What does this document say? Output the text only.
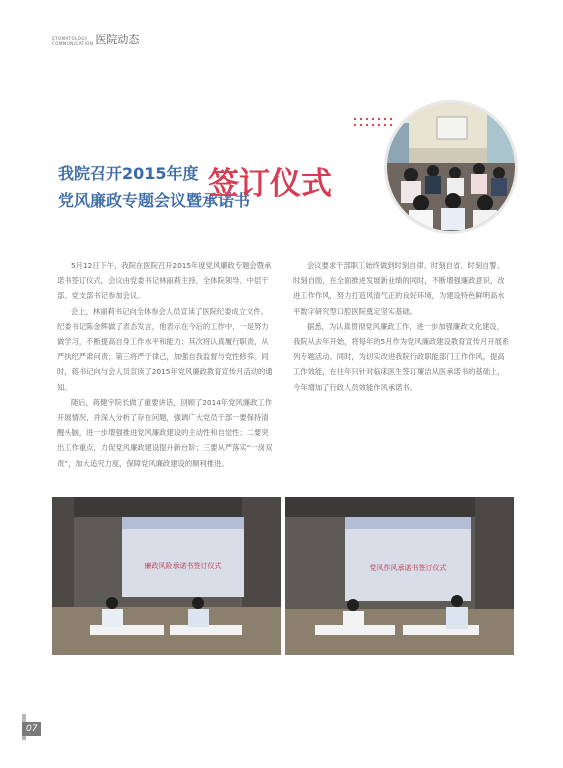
STOMATOLOGY
COMMUNICATION 医院动态
我院召开2015年度
党风廉政专题会议暨承诺书
签订仪式

5月12日下午，我院在医院召开2015年度党风廉政专题会暨承诺书签订仪式，会议由党委书记林丽莉主持，全体院领导、中层干部、党支部书记参加会议。

会上，林丽莉书记向全体参会人员宣读了医院纪委成立文件。纪委书记陈金辉做了表态发言，他表示在今后的工作中，一是努力做学习，不断提高自身工作水平和能力；其次将认真履行职责，从严执纪严肃问责；第三将严于律己，加强自我监督与党性修养。同时，蒋书记向与会人员宣读了2015年党风廉政教育宣传月活动的通知。

随后，蒋健宇院长做了重要讲话，回顾了2014年党风廉政工作开展情况，并深入分析了存在问题，强调广大党员干部一要保持清醒头脑，进一步增强推进党风廉政建设的主动性和自觉性；二要突出工作重点，力促党风廉政建设提升新台阶；三要从严落实“一岗双责”，加大追究力度，保障党风廉政建设的顺利推进。

会议要求干部职工始终做到时刻自律、时刻自省、时刻自警、时刻自励，在全面推进发展新业绩的同时，不断增强廉政意识，改进工作作风，努力打造风清气正的良好环境，为建设特色鲜明高水平数字研究型口腔医院奠定坚实基础。

据悉，为认真贯彻党风廉政工作，进一步加强廉政文化建设，我院从去年开始，将每年的5月作为党风廉政建设教育宣传月开展系列专题活动。同时，为切实改进我院行政职能部门工作作风，提高工作效能，在往年只针对临床医生签订廉洁从医承诺书的基础上，今年增加了行政人员效能作风承诺书。

廉政风险承诺书签订仪式	党风作风承诺书签订仪式
07
